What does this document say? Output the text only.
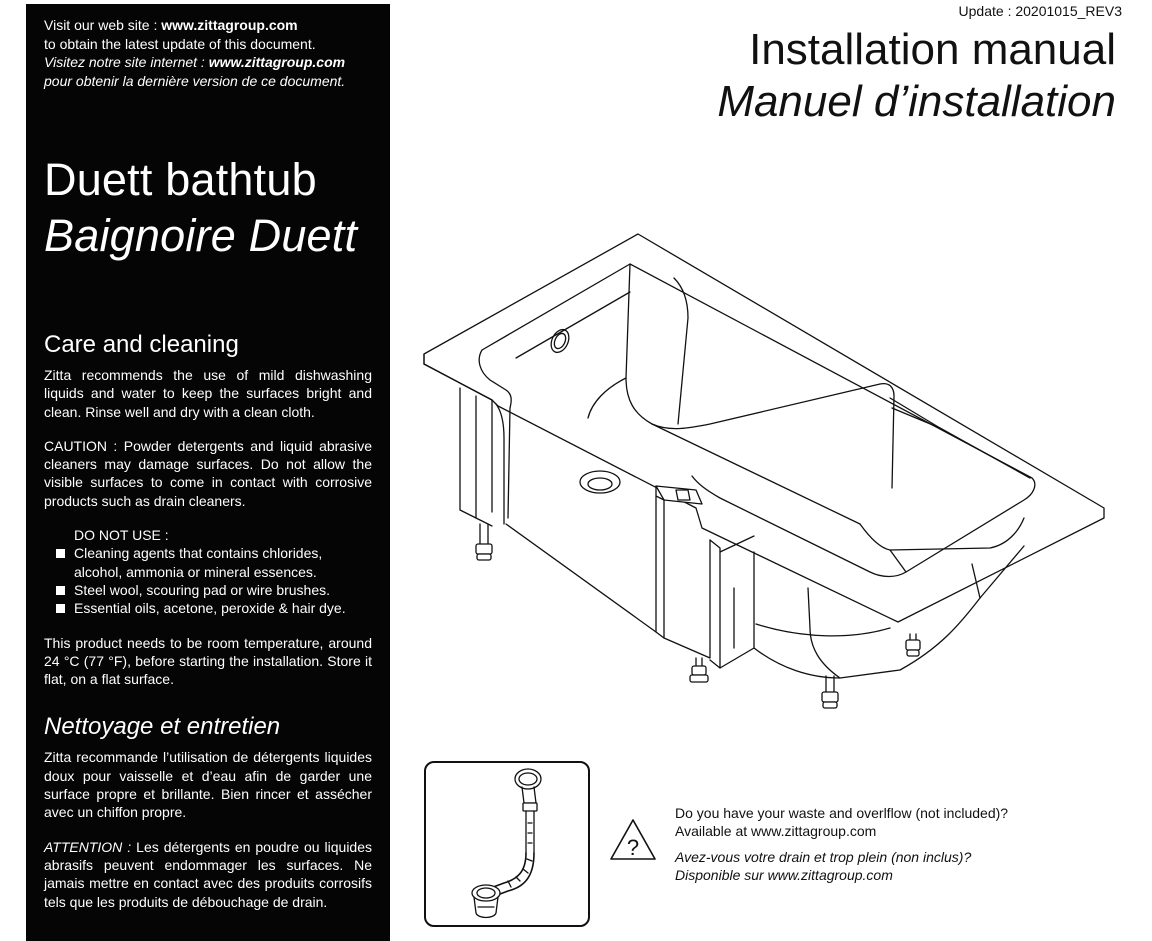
Visit our web site : www.zittagroup.com

to obtain the latest update of this document.

Visitez notre site internet : www.zittagroup.com

pour obtenir la dernière version de ce document.

Duett bathtub
Baignoire Duett
Care and cleaning

Zitta recommends the use of mild dishwashing liquids and water to keep the surfaces bright and clean. Rinse well and dry with a clean cloth.

CAUTION : Powder detergents and liquid abrasive cleaners may damage surfaces. Do not allow the visible surfaces to come in contact with corrosive products such as drain cleaners.

DO NOT USE :

Cleaning agents that contains chlorides, alcohol, ammonia or mineral essences.
Steel wool, scouring pad or wire brushes.
Essential oils, acetone, peroxide & hair dye.

This product needs to be room temperature, around 24 °C (77 °F), before starting the installation. Store it flat, on a flat surface.

Nettoyage et entretien

Zitta recommande l’utilisation de détergents liquides doux pour vaisselle et d’eau afin de garder une surface propre et brillante. Bien rincer et assécher avec un chiffon propre.

ATTENTION : Les détergents en poudre ou liquides abrasifs peuvent endommager les surfaces. Ne jamais mettre en contact avec des produits corrosifs tels que les produits de débouchage de drain.

Update : 20201015_REV3
Installation manual
Manuel d’installation
?

Do you have your waste and overlflow (not included)?

Available at www.zittagroup.com

Avez-vous votre drain et trop plein (non inclus)?

Disponible sur www.zittagroup.com
